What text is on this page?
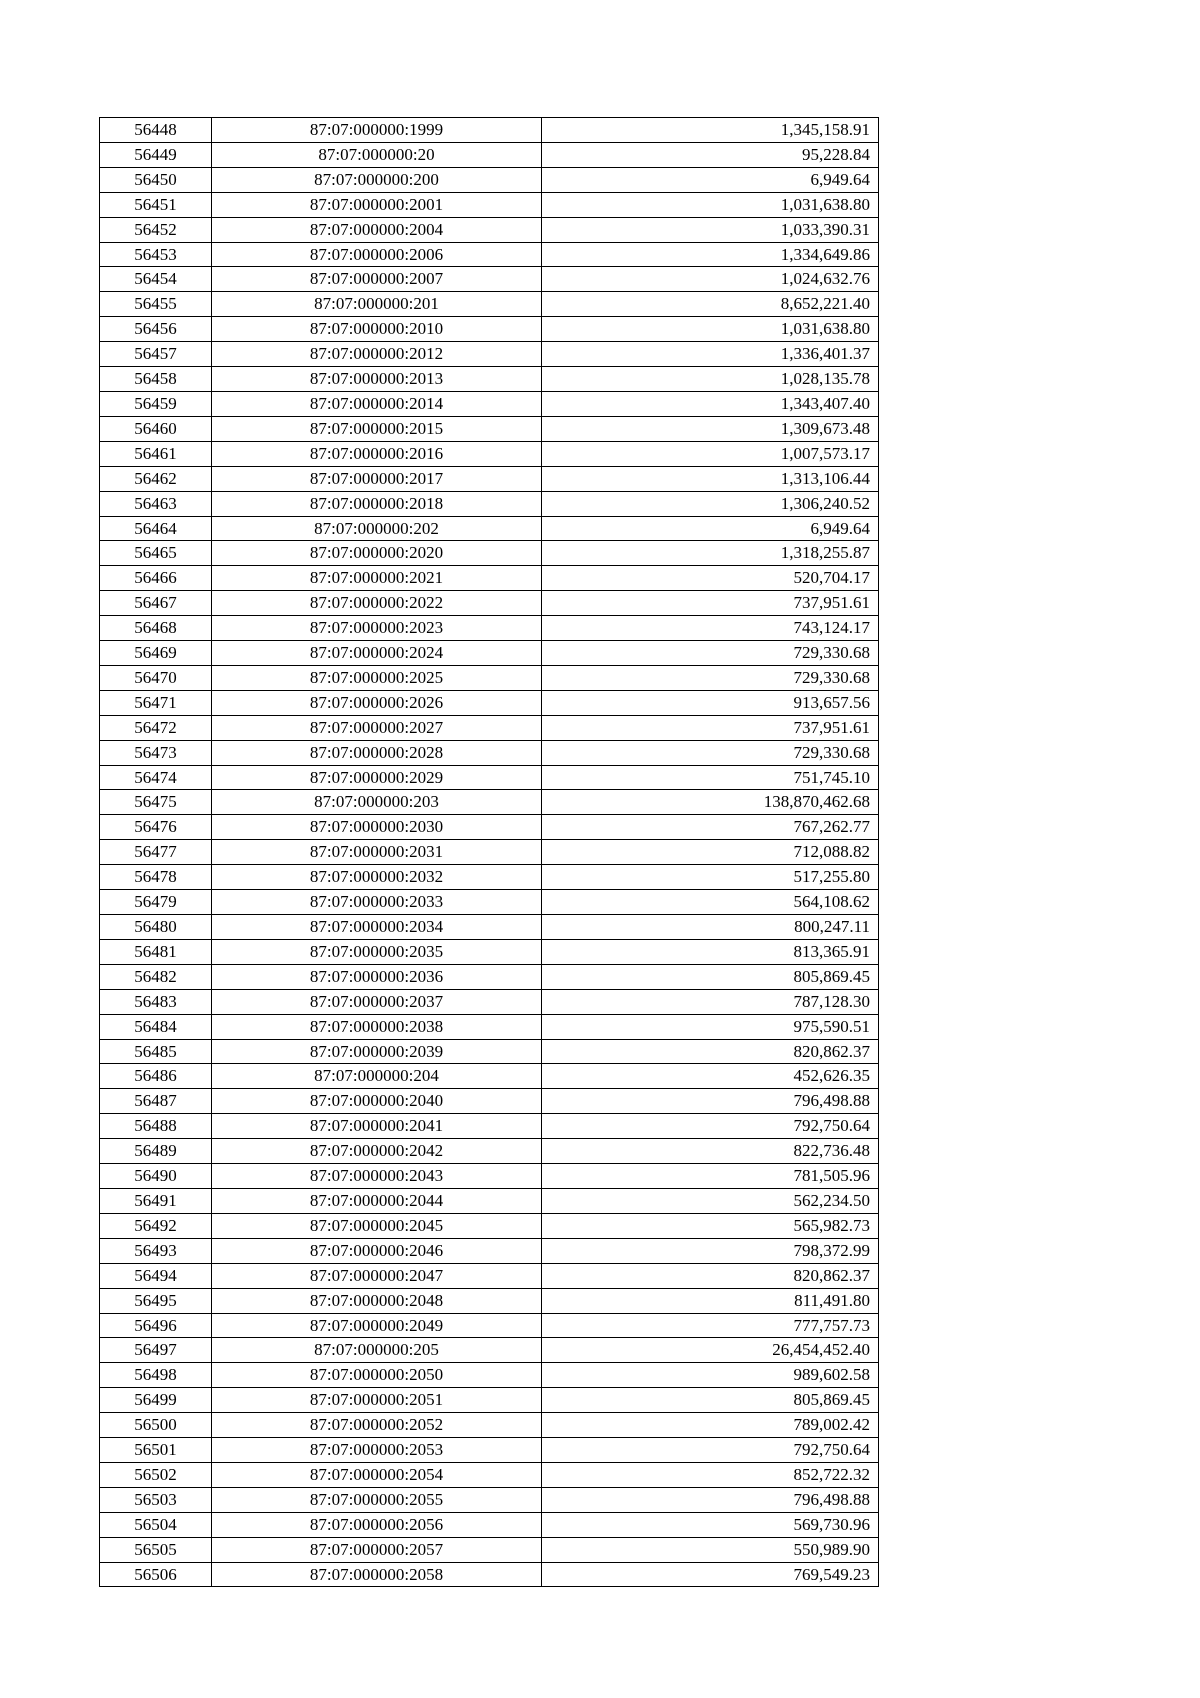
56448	87:07:000000:1999	1,345,158.91
56449	87:07:000000:20	95,228.84
56450	87:07:000000:200	6,949.64
56451	87:07:000000:2001	1,031,638.80
56452	87:07:000000:2004	1,033,390.31
56453	87:07:000000:2006	1,334,649.86
56454	87:07:000000:2007	1,024,632.76
56455	87:07:000000:201	8,652,221.40
56456	87:07:000000:2010	1,031,638.80
56457	87:07:000000:2012	1,336,401.37
56458	87:07:000000:2013	1,028,135.78
56459	87:07:000000:2014	1,343,407.40
56460	87:07:000000:2015	1,309,673.48
56461	87:07:000000:2016	1,007,573.17
56462	87:07:000000:2017	1,313,106.44
56463	87:07:000000:2018	1,306,240.52
56464	87:07:000000:202	6,949.64
56465	87:07:000000:2020	1,318,255.87
56466	87:07:000000:2021	520,704.17
56467	87:07:000000:2022	737,951.61
56468	87:07:000000:2023	743,124.17
56469	87:07:000000:2024	729,330.68
56470	87:07:000000:2025	729,330.68
56471	87:07:000000:2026	913,657.56
56472	87:07:000000:2027	737,951.61
56473	87:07:000000:2028	729,330.68
56474	87:07:000000:2029	751,745.10
56475	87:07:000000:203	138,870,462.68
56476	87:07:000000:2030	767,262.77
56477	87:07:000000:2031	712,088.82
56478	87:07:000000:2032	517,255.80
56479	87:07:000000:2033	564,108.62
56480	87:07:000000:2034	800,247.11
56481	87:07:000000:2035	813,365.91
56482	87:07:000000:2036	805,869.45
56483	87:07:000000:2037	787,128.30
56484	87:07:000000:2038	975,590.51
56485	87:07:000000:2039	820,862.37
56486	87:07:000000:204	452,626.35
56487	87:07:000000:2040	796,498.88
56488	87:07:000000:2041	792,750.64
56489	87:07:000000:2042	822,736.48
56490	87:07:000000:2043	781,505.96
56491	87:07:000000:2044	562,234.50
56492	87:07:000000:2045	565,982.73
56493	87:07:000000:2046	798,372.99
56494	87:07:000000:2047	820,862.37
56495	87:07:000000:2048	811,491.80
56496	87:07:000000:2049	777,757.73
56497	87:07:000000:205	26,454,452.40
56498	87:07:000000:2050	989,602.58
56499	87:07:000000:2051	805,869.45
56500	87:07:000000:2052	789,002.42
56501	87:07:000000:2053	792,750.64
56502	87:07:000000:2054	852,722.32
56503	87:07:000000:2055	796,498.88
56504	87:07:000000:2056	569,730.96
56505	87:07:000000:2057	550,989.90
56506	87:07:000000:2058	769,549.23
